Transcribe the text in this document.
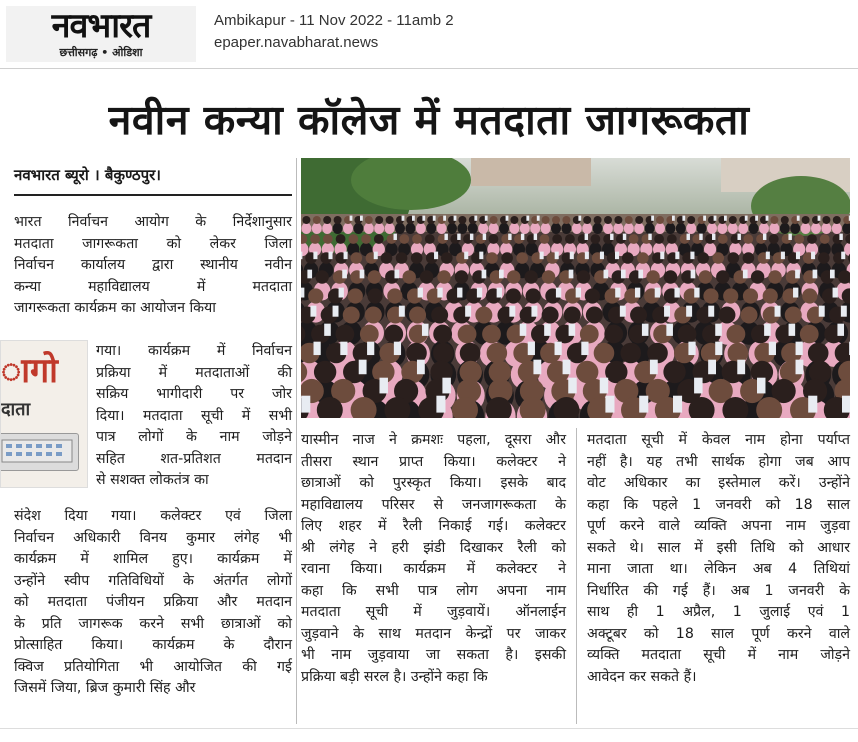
नवभारत
छत्तीसगढ़ • ओडिशा
Ambikapur - 11 Nov 2022 - 11amb 2
epaper.navabharat.news
नवीन कन्या कॉलेज में मतदाता जागरूकता
नवभारत ब्यूरो । बैकुण्ठपुर।

भारत निर्वाचन आयोग के निर्देशानुसार

मतदाता जागरूकता को लेकर जिला

निर्वाचन कार्यालय द्वारा स्थानीय नवीन

कन्या महाविद्यालय में मतदाता

जागरूकता कार्यक्रम का आयोजन किया

गया। कार्यक्रम में निर्वाचन

प्रक्रिया में मतदाताओं की

सक्रिय भागीदारी पर जोर

दिया। मतदाता सूची में सभी

पात्र लोगों के नाम जोड़ने

सहित शत-प्रतिशत मतदान

से सशक्त लोकतंत्र का

संदेश दिया गया। कलेक्टर एवं जिला

निर्वाचन अधिकारी विनय कुमार लंगेह भी

कार्यक्रम में शामिल हुए। कार्यक्रम में

उन्होंने स्वीप गतिविधियों के अंतर्गत लोगों

को मतदाता पंजीयन प्रक्रिया और मतदान

के प्रति जागरूक करने सभी छात्राओं को

प्रोत्साहित किया। कार्यक्रम के दौरान

क्विज प्रतियोगिता भी आयोजित की गई

जिसमें जिया, ब्रिज कुमारी सिंह और

ागो
दाता

यास्मीन नाज ने क्रमशः पहला, दूसरा और

तीसरा स्थान प्राप्त किया। कलेक्टर ने

छात्राओं को पुरस्कृत किया। इसके बाद

महाविद्यालय परिसर से जनजागरूकता के

लिए शहर में रैली निकाई गई। कलेक्टर

श्री लंगेह ने हरी झंडी दिखाकर रैली को

रवाना किया। कार्यक्रम में कलेक्टर ने

कहा कि सभी पात्र लोग अपना नाम

मतदाता सूची में जुड़वायें। ऑनलाईन

जुड़वाने के साथ मतदान केन्द्रों पर जाकर

भी नाम जुड़वाया जा सकता है। इसकी

प्रक्रिया बड़ी सरल है। उन्होंने कहा कि

मतदाता सूची में केवल नाम होना पर्याप्त

नहीं है। यह तभी सार्थक होगा जब आप

वोट अधिकार का इस्तेमाल करें। उन्होंने

कहा कि पहले 1 जनवरी को 18 साल

पूर्ण करने वाले व्यक्ति अपना नाम जुड़वा

सकते थे। साल में इसी तिथि को आधार

माना जाता था। लेकिन अब 4 तिथियां

निर्धारित की गई हैं। अब 1 जनवरी के

साथ ही 1 अप्रैल, 1 जुलाई एवं 1

अक्टूबर को 18 साल पूर्ण करने वाले

व्यक्ति मतदाता सूची में नाम जोड़ने

आवेदन कर सकते हैं।
